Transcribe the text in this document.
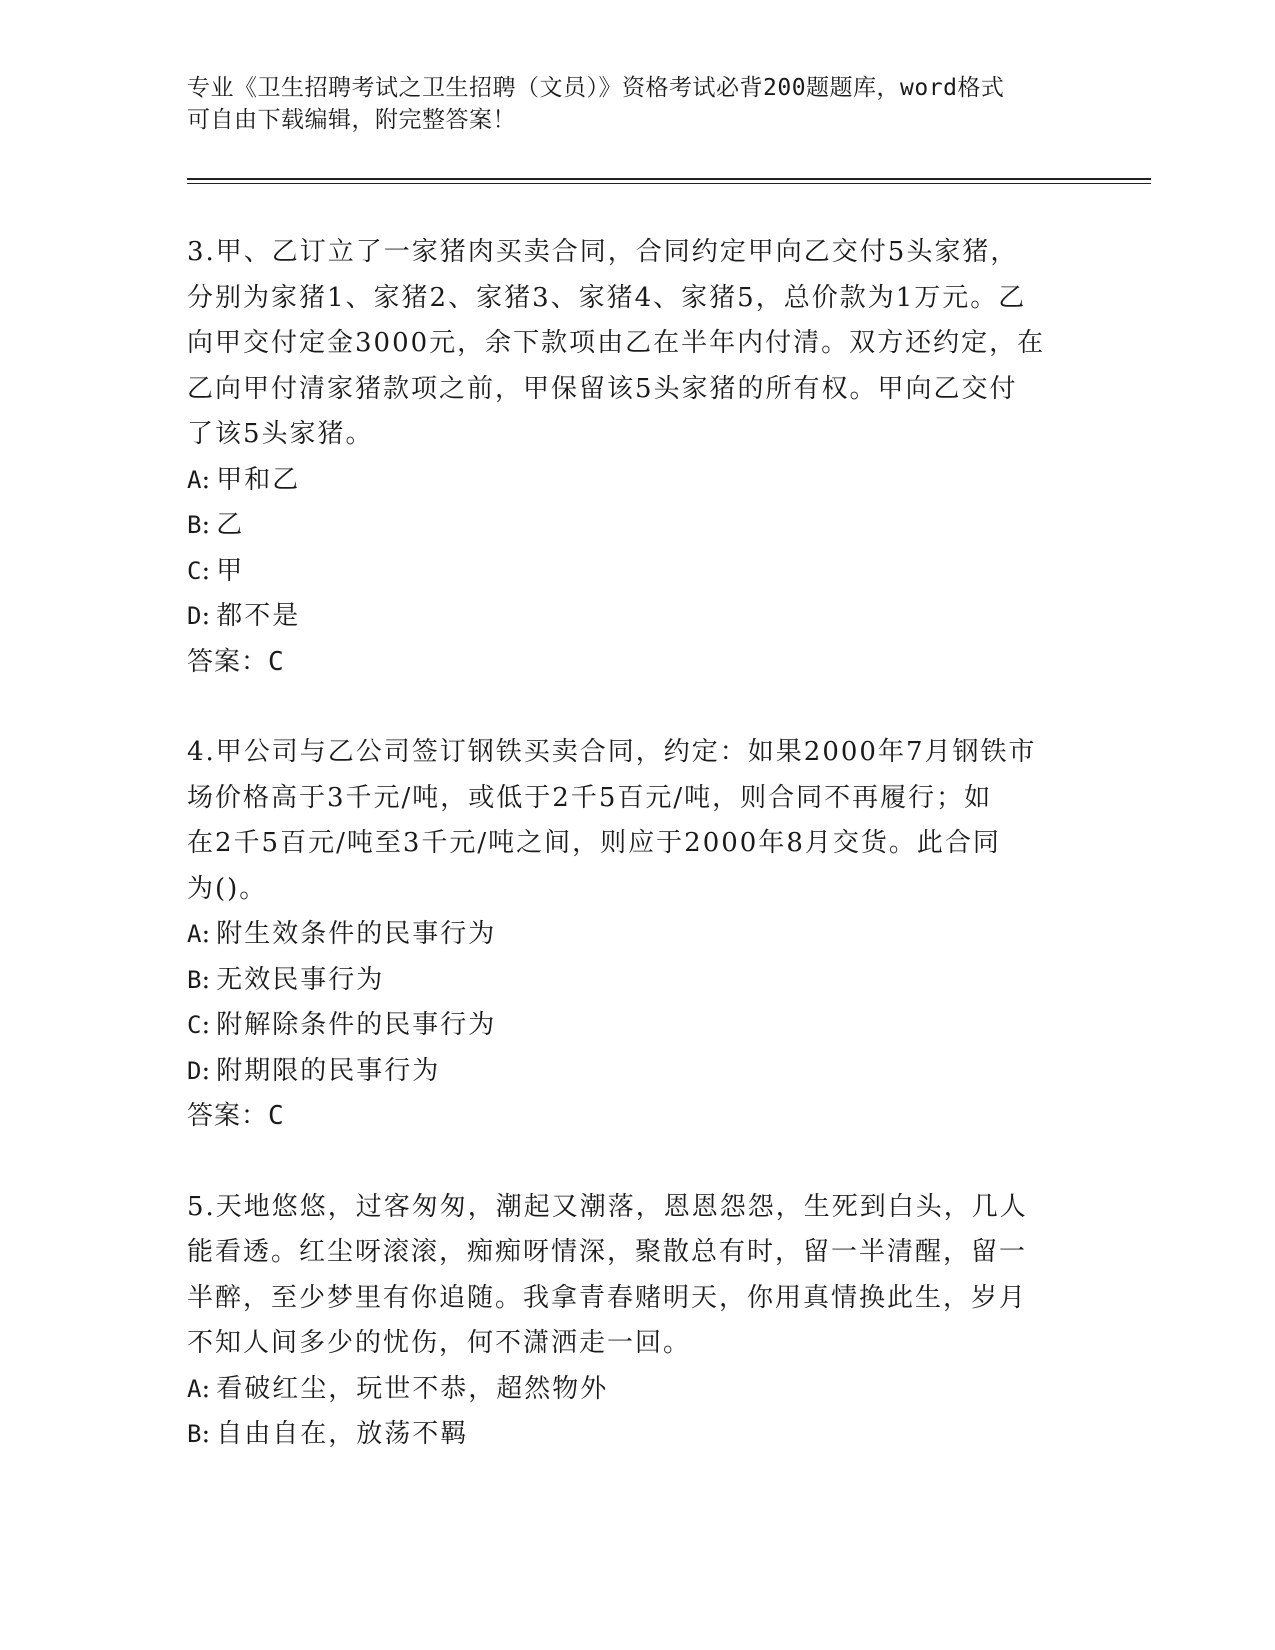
专业《卫生招聘考试之卫生招聘（文员）》资格考试必背200题题库，word格式
可自由下载编辑，附完整答案！
3.甲、乙订立了一家猪肉买卖合同，合同约定甲向乙交付5头家猪，
分别为家猪1、家猪2、家猪3、家猪4、家猪5，总价款为1万元。乙
向甲交付定金3000元，余下款项由乙在半年内付清。双方还约定，在
乙向甲付清家猪款项之前，甲保留该5头家猪的所有权。甲向乙交付
了该5头家猪。
A: 甲和乙
B: 乙
C: 甲
D: 都不是
答案：C
4.甲公司与乙公司签订钢铁买卖合同，约定：如果2000年7月钢铁市
场价格高于3千元/吨，或低于2千5百元/吨，则合同不再履行；如
在2千5百元/吨至3千元/吨之间，则应于2000年8月交货。此合同
为()。
A: 附生效条件的民事行为
B: 无效民事行为
C: 附解除条件的民事行为
D: 附期限的民事行为
答案：C
5.天地悠悠，过客匆匆，潮起又潮落，恩恩怨怨，生死到白头，几人
能看透。红尘呀滚滚，痴痴呀情深，聚散总有时，留一半清醒，留一
半醉，至少梦里有你追随。我拿青春赌明天，你用真情换此生，岁月
不知人间多少的忧伤，何不潇洒走一回。
A: 看破红尘，玩世不恭，超然物外
B: 自由自在，放荡不羁
